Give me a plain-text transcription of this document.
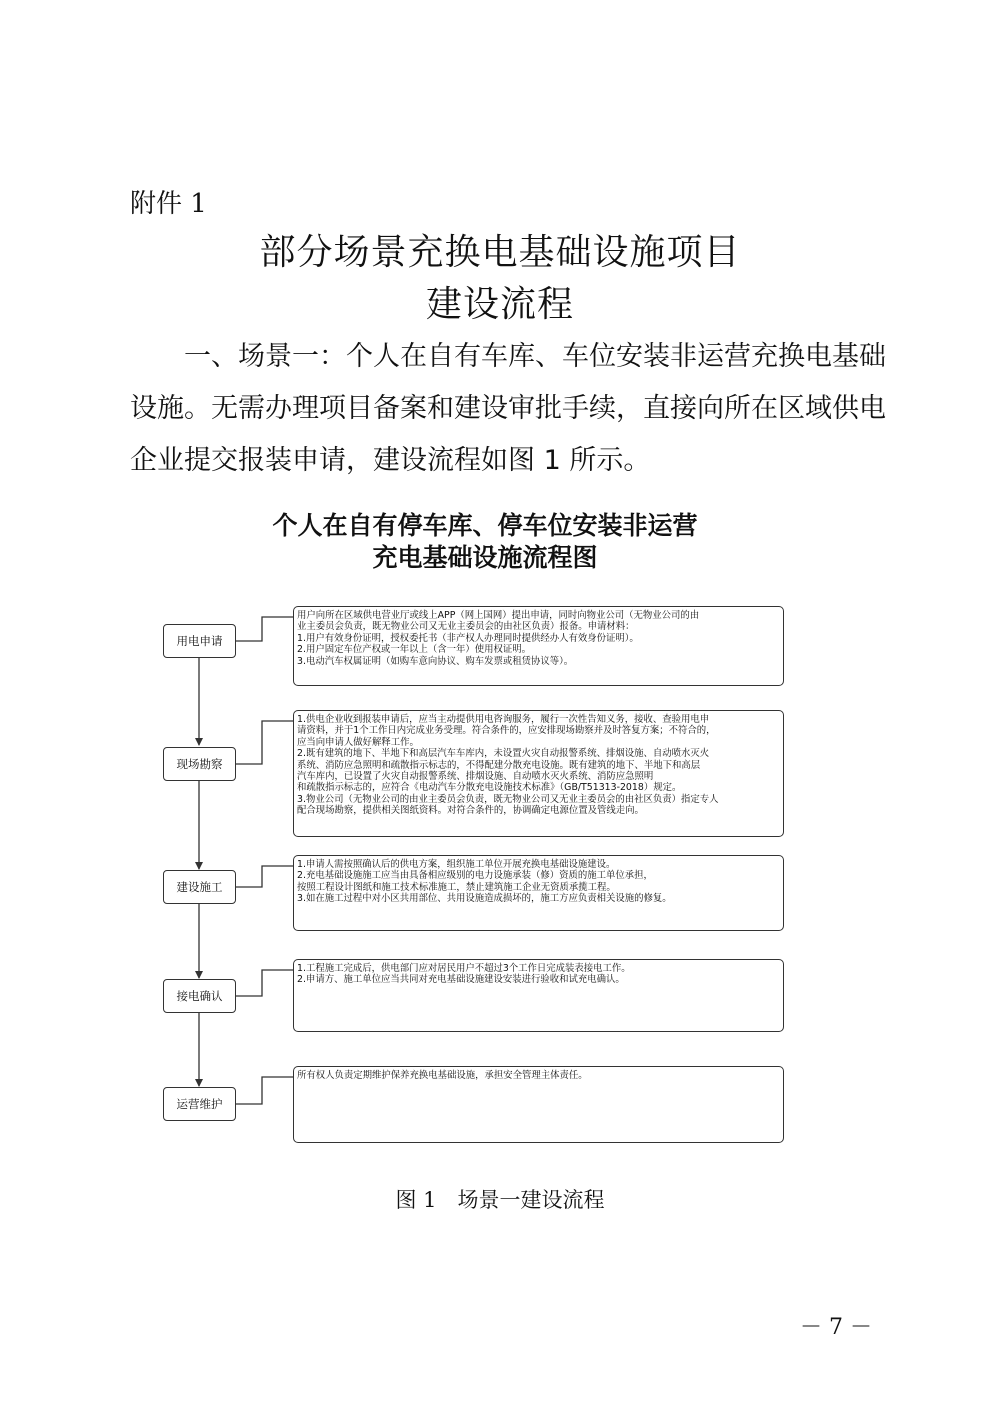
附件 1
部分场景充换电基础设施项目
建设流程
一、场景一：个人在自有车库、车位安装非运营充换电基础
设施。无需办理项目备案和建设审批手续，直接向所在区域供电
企业提交报装申请，建设流程如图 1 所示。
个人在自有停车库、停车位安装非运营
充电基础设施流程图
用电申请
现场勘察
建设施工
接电确认
运营维护
用户向所在区域供电营业厅或线上APP（网上国网）提出申请，同时向物业公司（无物业公司的由
业主委员会负责，既无物业公司又无业主委员会的由社区负责）报备。申请材料：
1.用户有效身份证明，授权委托书（非产权人办理同时提供经办人有效身份证明）。
2.用户固定车位产权或一年以上（含一年）使用权证明。
3.电动汽车权属证明（如购车意向协议、购车发票或租赁协议等）。
1.供电企业收到报装申请后，应当主动提供用电咨询服务，履行一次性告知义务，接收、查验用电申
请资料，并于1个工作日内完成业务受理。符合条件的，应安排现场勘察并及时答复方案；不符合的，
应当向申请人做好解释工作。
2.既有建筑的地下、半地下和高层汽车车库内，未设置火灾自动报警系统、排烟设施、自动喷水灭火
系统、消防应急照明和疏散指示标志的，不得配建分散充电设施。既有建筑的地下、半地下和高层
汽车库内，已设置了火灾自动报警系统、排烟设施、自动喷水灭火系统、消防应急照明
和疏散指示标志的，应符合《电动汽车分散充电设施技术标准》（GB/T51313-2018）规定。
3.物业公司（无物业公司的由业主委员会负责，既无物业公司又无业主委员会的由社区负责）指定专人
配合现场勘察，提供相关图纸资料。对符合条件的，协调确定电源位置及管线走向。
1.申请人需按照确认后的供电方案，组织施工单位开展充换电基础设施建设。
2.充电基础设施施工应当由具备相应级别的电力设施承装（修）资质的施工单位承担，
按照工程设计图纸和施工技术标准施工，禁止建筑施工企业无资质承揽工程。
3.如在施工过程中对小区共用部位、共用设施造成损坏的，施工方应负责相关设施的修复。
1.工程施工完成后，供电部门应对居民用户不超过3个工作日完成装表接电工作。
2.申请方、施工单位应当共同对充电基础设施建设安装进行验收和试充电确认。
所有权人负责定期维护保养充换电基础设施，承担安全管理主体责任。
图 1　场景一建设流程
－ 7 －
